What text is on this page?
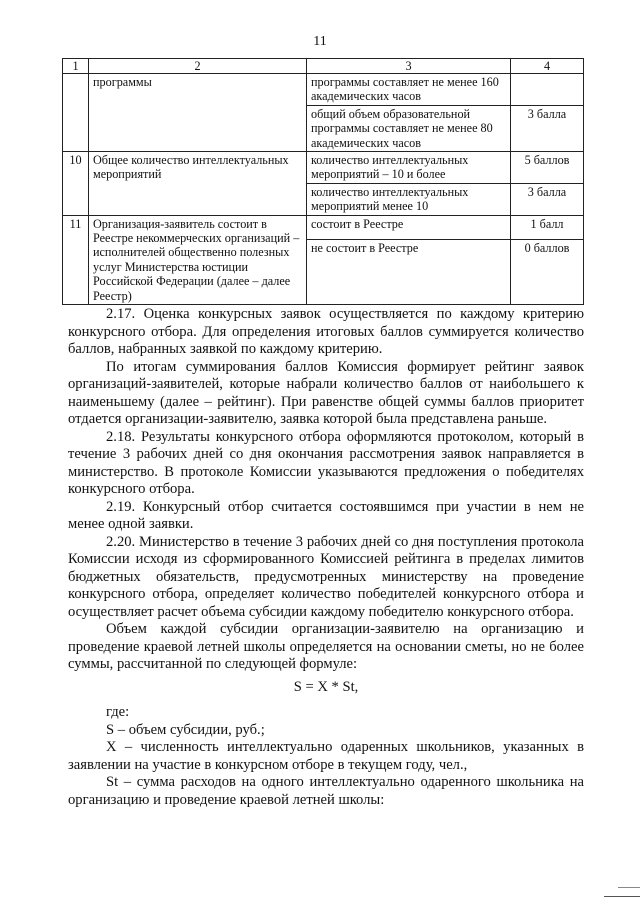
11
1	2	3	4
	программы	программы составляет не менее 160 академических часов	
		общий объем образовательной программы составляет не менее 80 академических часов	3 балла
10	Общее количество интеллектуальных мероприятий	количество интеллектуальных мероприятий – 10 и более	5 баллов
		количество интеллектуальных мероприятий менее 10	3 балла
11	Организация-заявитель состоит в Реестре некоммерческих организаций – исполнителей общественно полезных услуг Министерства юстиции Российской Федерации (далее – далее Реестр)	состоит в Реестре	1 балл
		не состоит в Реестре	0 баллов

2.17. Оценка конкурсных заявок осуществляется по каждому критерию конкурсного отбора. Для определения итоговых баллов суммируется количество баллов, набранных заявкой по каждому критерию.

По итогам суммирования баллов Комиссия формирует рейтинг заявок организаций-заявителей, которые набрали количество баллов от наибольшего к наименьшему (далее – рейтинг). При равенстве общей суммы баллов приоритет отдается организации-заявителю, заявка которой была представлена раньше.

2.18. Результаты конкурсного отбора оформляются протоколом, который в течение 3 рабочих дней со дня окончания рассмотрения заявок направляется в министерство. В протоколе Комиссии указываются предложения о победителях конкурсного отбора.

2.19. Конкурсный отбор считается состоявшимся при участии в нем не менее одной заявки.

2.20. Министерство в течение 3 рабочих дней со дня поступления протокола Комиссии исходя из сформированного Комиссией рейтинга в пределах лимитов бюджетных обязательств, предусмотренных министерству на проведение конкурсного отбора, определяет количество победителей конкурсного отбора и осуществляет расчет объема субсидии каждому победителю конкурсного отбора.

Объем каждой субсидии организации-заявителю на организацию и проведение краевой летней школы определяется на основании сметы, но не более суммы, рассчитанной по следующей формуле:

S = X * St,

где:

S – объем субсидии, руб.;

X – численность интеллектуально одаренных школьников, указанных в заявлении на участие в конкурсном отборе в текущем году, чел.,

St – сумма расходов на одного интеллектуально одаренного школьника на организацию и проведение краевой летней школы:
